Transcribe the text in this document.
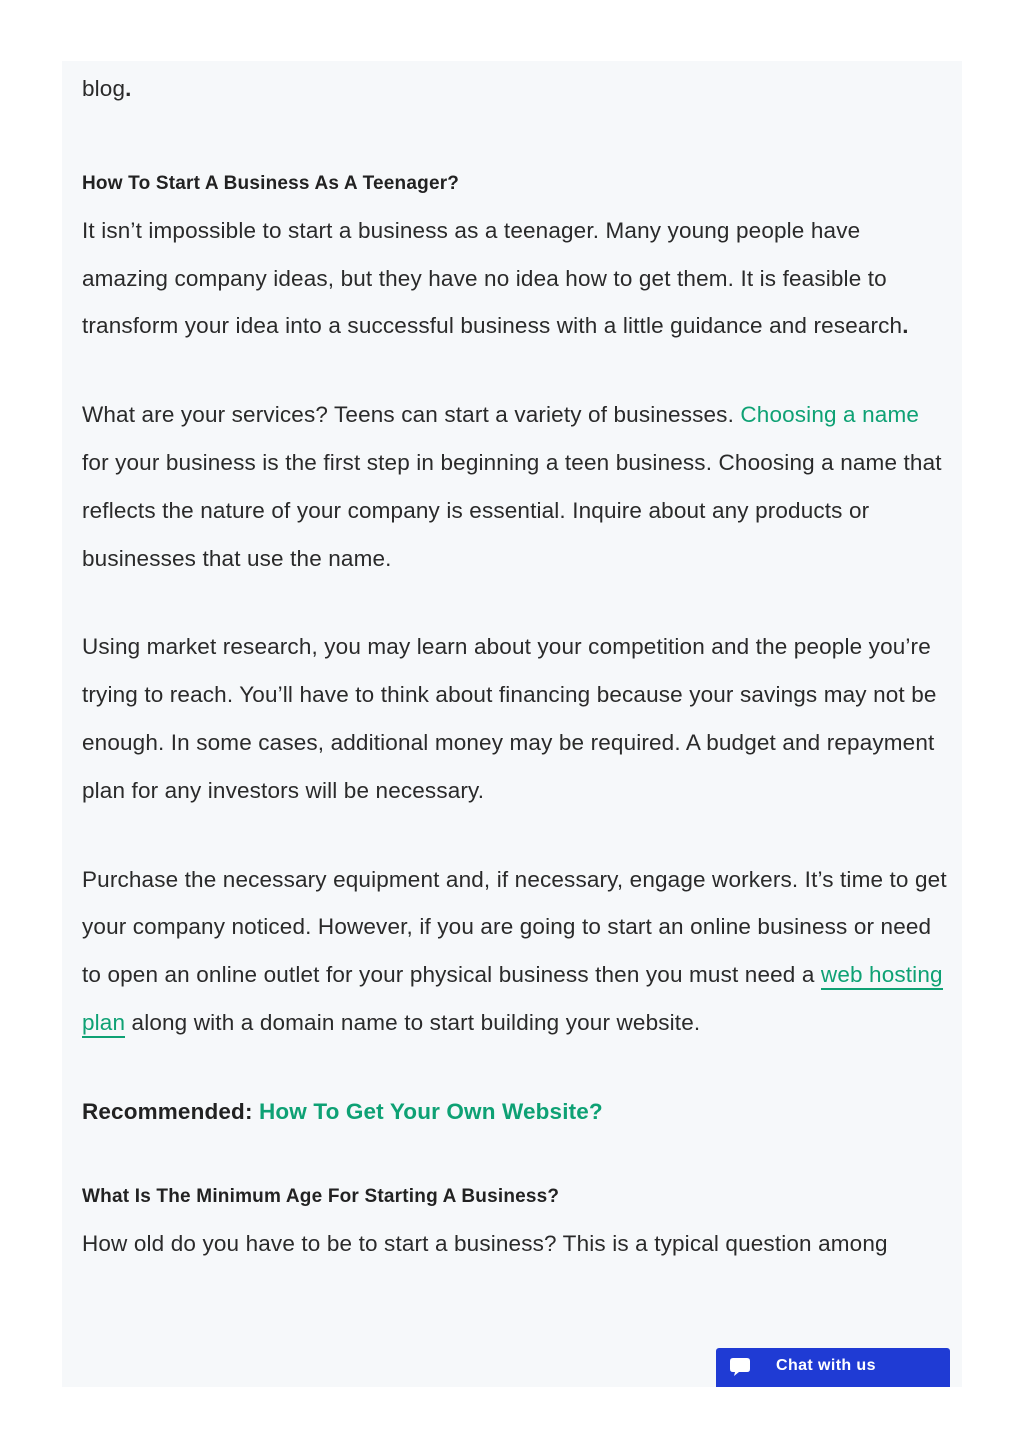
blog.

How To Start A Business As A Teenager?

It isn’t impossible to start a business as a teenager. Many young people have amazing company ideas, but they have no idea how to get them. It is feasible to transform your idea into a successful business with a little guidance and research.

What are your services? Teens can start a variety of businesses. Choosing a name for your business is the first step in beginning a teen business. Choosing a name that reflects the nature of your company is essential. Inquire about any products or businesses that use the name.

Using market research, you may learn about your competition and the people you’re trying to reach. You’ll have to think about financing because your savings may not be enough. In some cases, additional money may be required. A budget and repayment plan for any investors will be necessary.

Purchase the necessary equipment and, if necessary, engage workers. It’s time to get your company noticed. However, if you are going to start an online business or need to open an online outlet for your physical business then you must need a web hosting plan along with a domain name to start building your website.

Recommended: How To Get Your Own Website?

What Is The Minimum Age For Starting A Business?

How old do you have to be to start a business? This is a typical question among

Chat with us
